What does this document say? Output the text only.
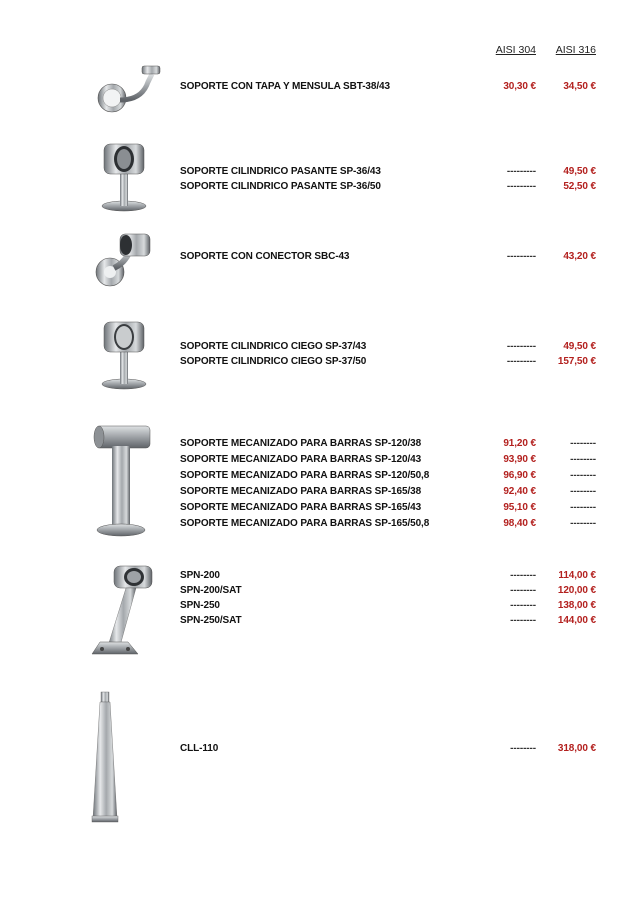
AISI 304	AISI 316
SOPORTE CON TAPA Y MENSULA SBT-38/43	30,30 €	34,50 €
SOPORTE CILINDRICO PASANTE SP-36/43	---------	49,50 €
SOPORTE CILINDRICO PASANTE SP-36/50	---------	52,50 €
SOPORTE CON CONECTOR SBC-43	---------	43,20 €
SOPORTE CILINDRICO CIEGO SP-37/43	---------	49,50 €
SOPORTE CILINDRICO CIEGO SP-37/50	---------	157,50 €
SOPORTE MECANIZADO PARA BARRAS SP-120/38	91,20 €	--------
SOPORTE MECANIZADO PARA BARRAS SP-120/43	93,90 €	--------
SOPORTE MECANIZADO PARA BARRAS SP-120/50,8	96,90 €	--------
SOPORTE MECANIZADO PARA BARRAS SP-165/38	92,40 €	--------
SOPORTE MECANIZADO PARA BARRAS SP-165/43	95,10 €	--------
SOPORTE MECANIZADO PARA BARRAS SP-165/50,8	98,40 €	--------
SPN-200	--------	114,00 €
SPN-200/SAT	--------	120,00 €
SPN-250	--------	138,00 €
SPN-250/SAT	--------	144,00 €
CLL-110	--------	318,00 €
